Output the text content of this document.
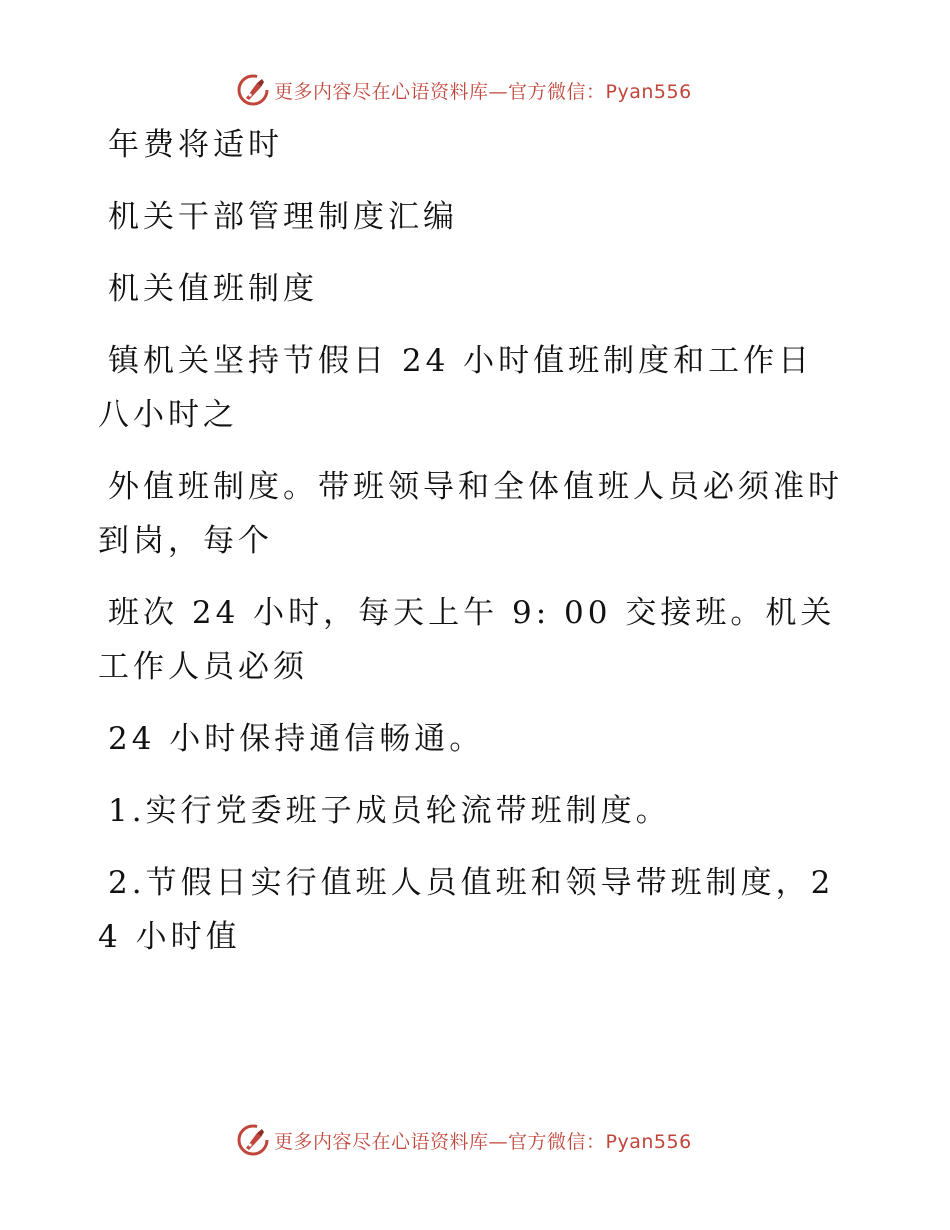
更多内容尽在心语资料库—官方微信：Pyan556

年费将适时

机关干部管理制度汇编

机关值班制度

镇机关坚持节假日 24 小时值班制度和工作日八小时之

外值班制度。带班领导和全体值班人员必须准时到岗，每个

班次 24 小时，每天上午 9: 00 交接班。机关工作人员必须

24 小时保持通信畅通。

1.实行党委班子成员轮流带班制度。

2.节假日实行值班人员值班和领导带班制度，24 小时值

更多内容尽在心语资料库—官方微信：Pyan556
